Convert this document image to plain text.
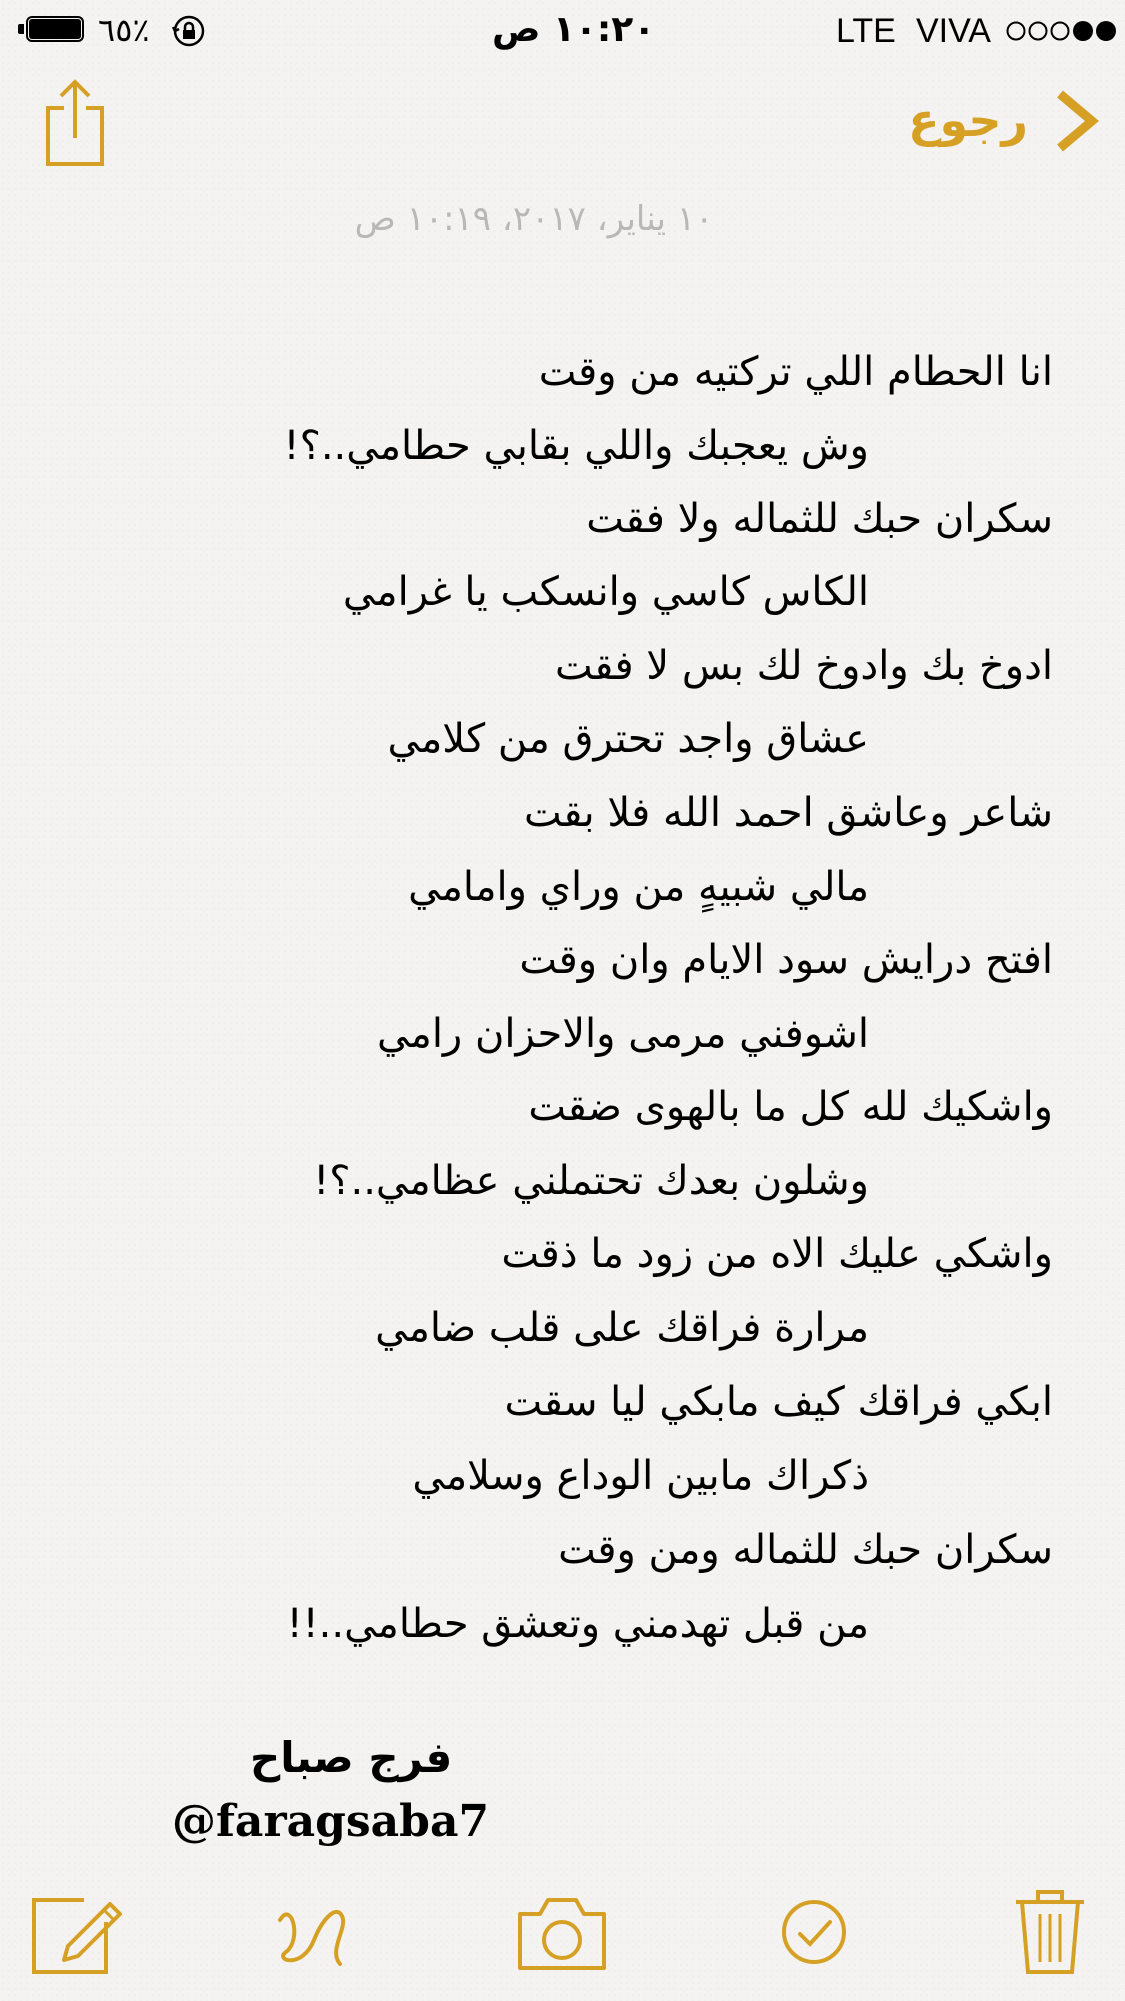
٪٦٥	١٠:٢٠ ص	LTE VIVA
رجوع
١٠ يناير، ٢٠١٧، ١٠:١٩ ص
انا الحطام اللي تركتيه من وقت
وش يعجبك واللي بقابي حطامي..؟!
سكران حبك للثماله ولا فقت
الكاس كاسي وانسكب يا غرامي
ادوخ بك وادوخ لك بس لا فقت
عشاق واجد تحترق من كلامي
شاعر وعاشق احمد الله فلا بقت
مالي شبيهٍ من وراي وامامي
افتح درايش سود الايام وان وقت
اشوفني مرمى والاحزان رامي
واشكيك لله كل ما بالهوى ضقت
وشلون بعدك تحتملني عظامي..؟!
واشكي عليك الاه من زود ما ذقت
مرارة فراقك على قلب ضامي
ابكي فراقك كيف مابكي ليا سقت
ذكراك مابين الوداع وسلامي
سكران حبك للثماله ومن وقت
من قبل تهدمني وتعشق حطامي..!!
فرج صباح
@faragsaba7
